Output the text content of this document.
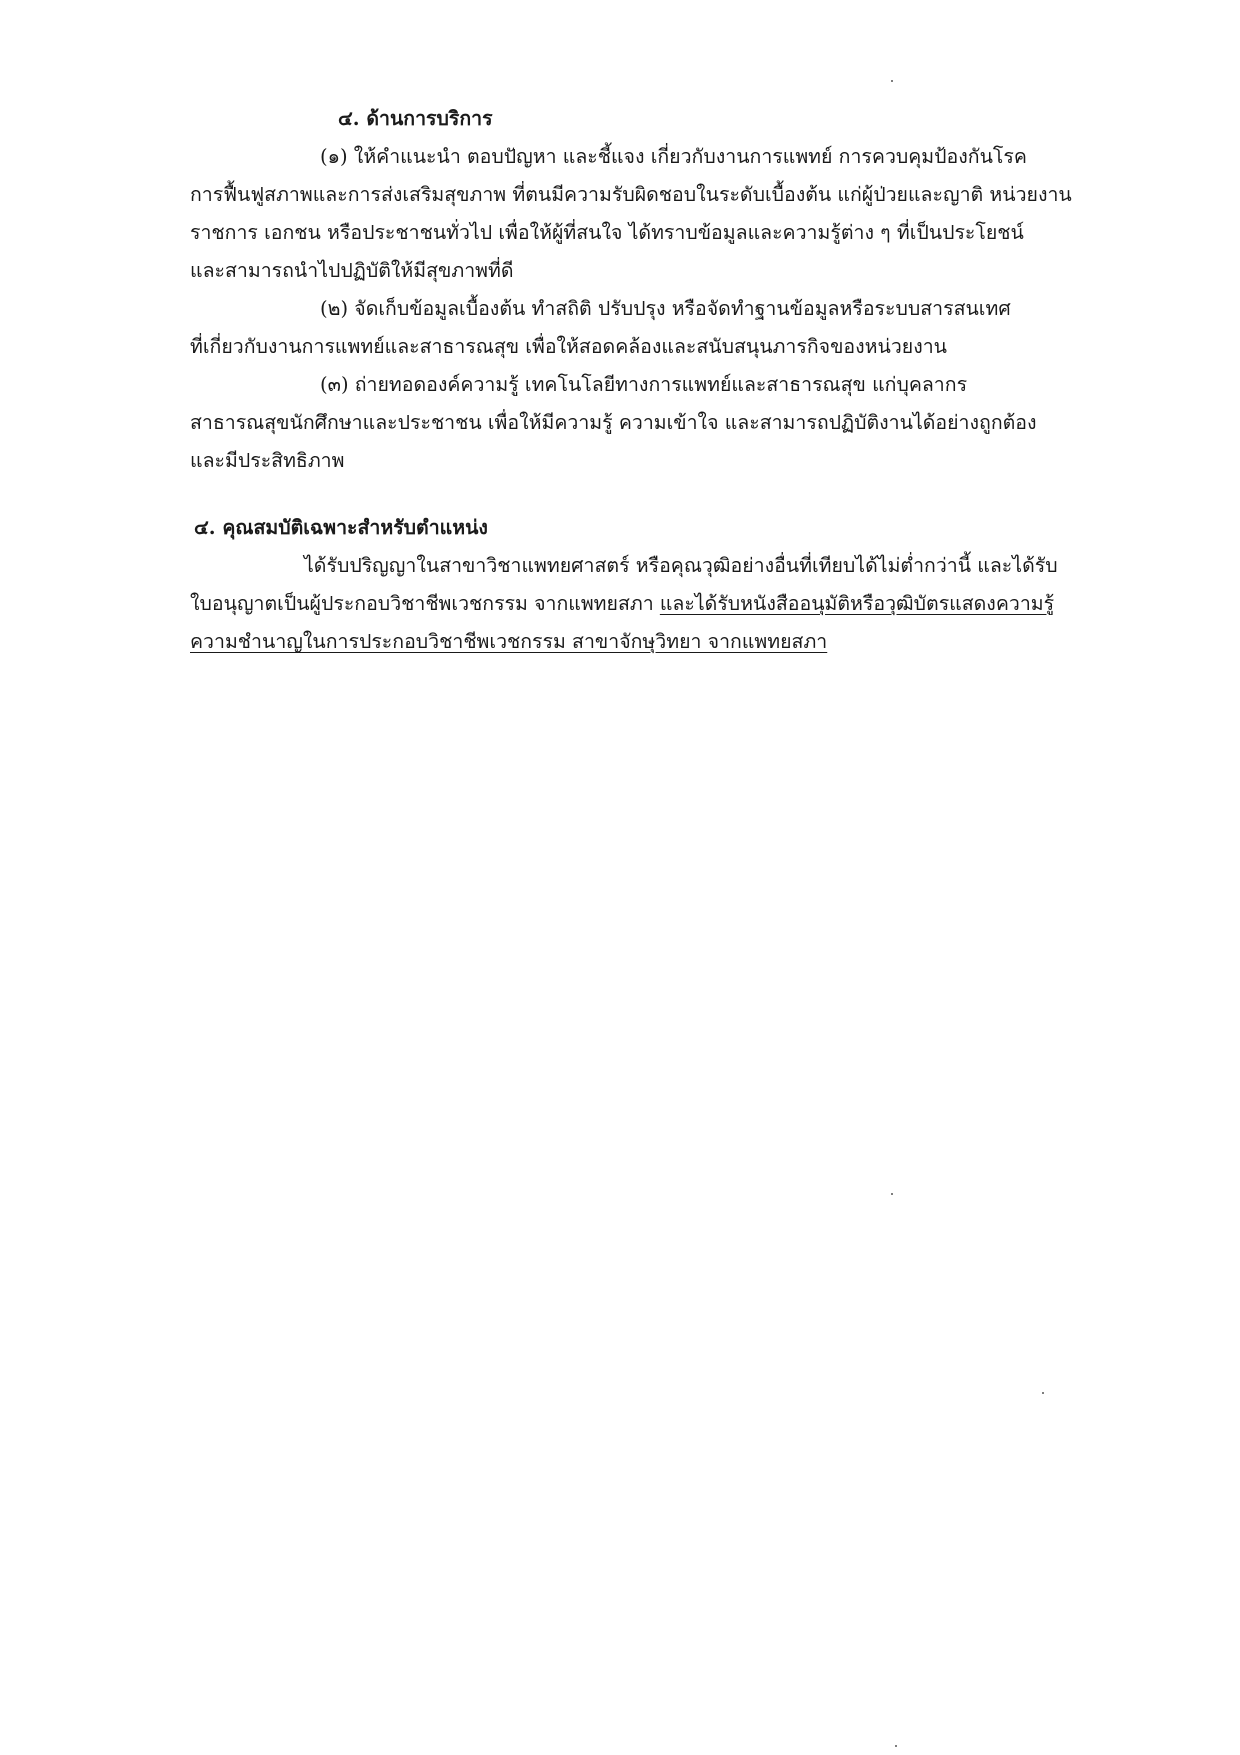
๔. ด้านการบริการ
(๑) ให้คำแนะนำ ตอบปัญหา และชี้แจง เกี่ยวกับงานการแพทย์ การควบคุมป้องกันโรค
การฟื้นฟูสภาพและการส่งเสริมสุขภาพ ที่ตนมีความรับผิดชอบในระดับเบื้องต้น แก่ผู้ป่วยและญาติ หน่วยงาน
ราชการ เอกชน หรือประชาชนทั่วไป เพื่อให้ผู้ที่สนใจ ได้ทราบข้อมูลและความรู้ต่าง ๆ ที่เป็นประโยชน์
และสามารถนำไปปฏิบัติให้มีสุขภาพที่ดี
(๒) จัดเก็บข้อมูลเบื้องต้น ทำสถิติ ปรับปรุง หรือจัดทำฐานข้อมูลหรือระบบสารสนเทศ
ที่เกี่ยวกับงานการแพทย์และสาธารณสุข เพื่อให้สอดคล้องและสนับสนุนภารกิจของหน่วยงาน
(๓) ถ่ายทอดองค์ความรู้ เทคโนโลยีทางการแพทย์และสาธารณสุข แก่บุคลากร
สาธารณสุขนักศึกษาและประชาชน เพื่อให้มีความรู้ ความเข้าใจ และสามารถปฏิบัติงานได้อย่างถูกต้อง
และมีประสิทธิภาพ
๔. คุณสมบัติเฉพาะสำหรับตำแหน่ง
ได้รับปริญญาในสาขาวิชาแพทยศาสตร์ หรือคุณวุฒิอย่างอื่นที่เทียบได้ไม่ต่ำกว่านี้ และได้รับ
ใบอนุญาตเป็นผู้ประกอบวิชาชีพเวชกรรม จากแพทยสภา และได้รับหนังสืออนุมัติหรือวุฒิบัตรแสดงความรู้
ความชำนาญในการประกอบวิชาชีพเวชกรรม สาขาจักษุวิทยา จากแพทยสภา
